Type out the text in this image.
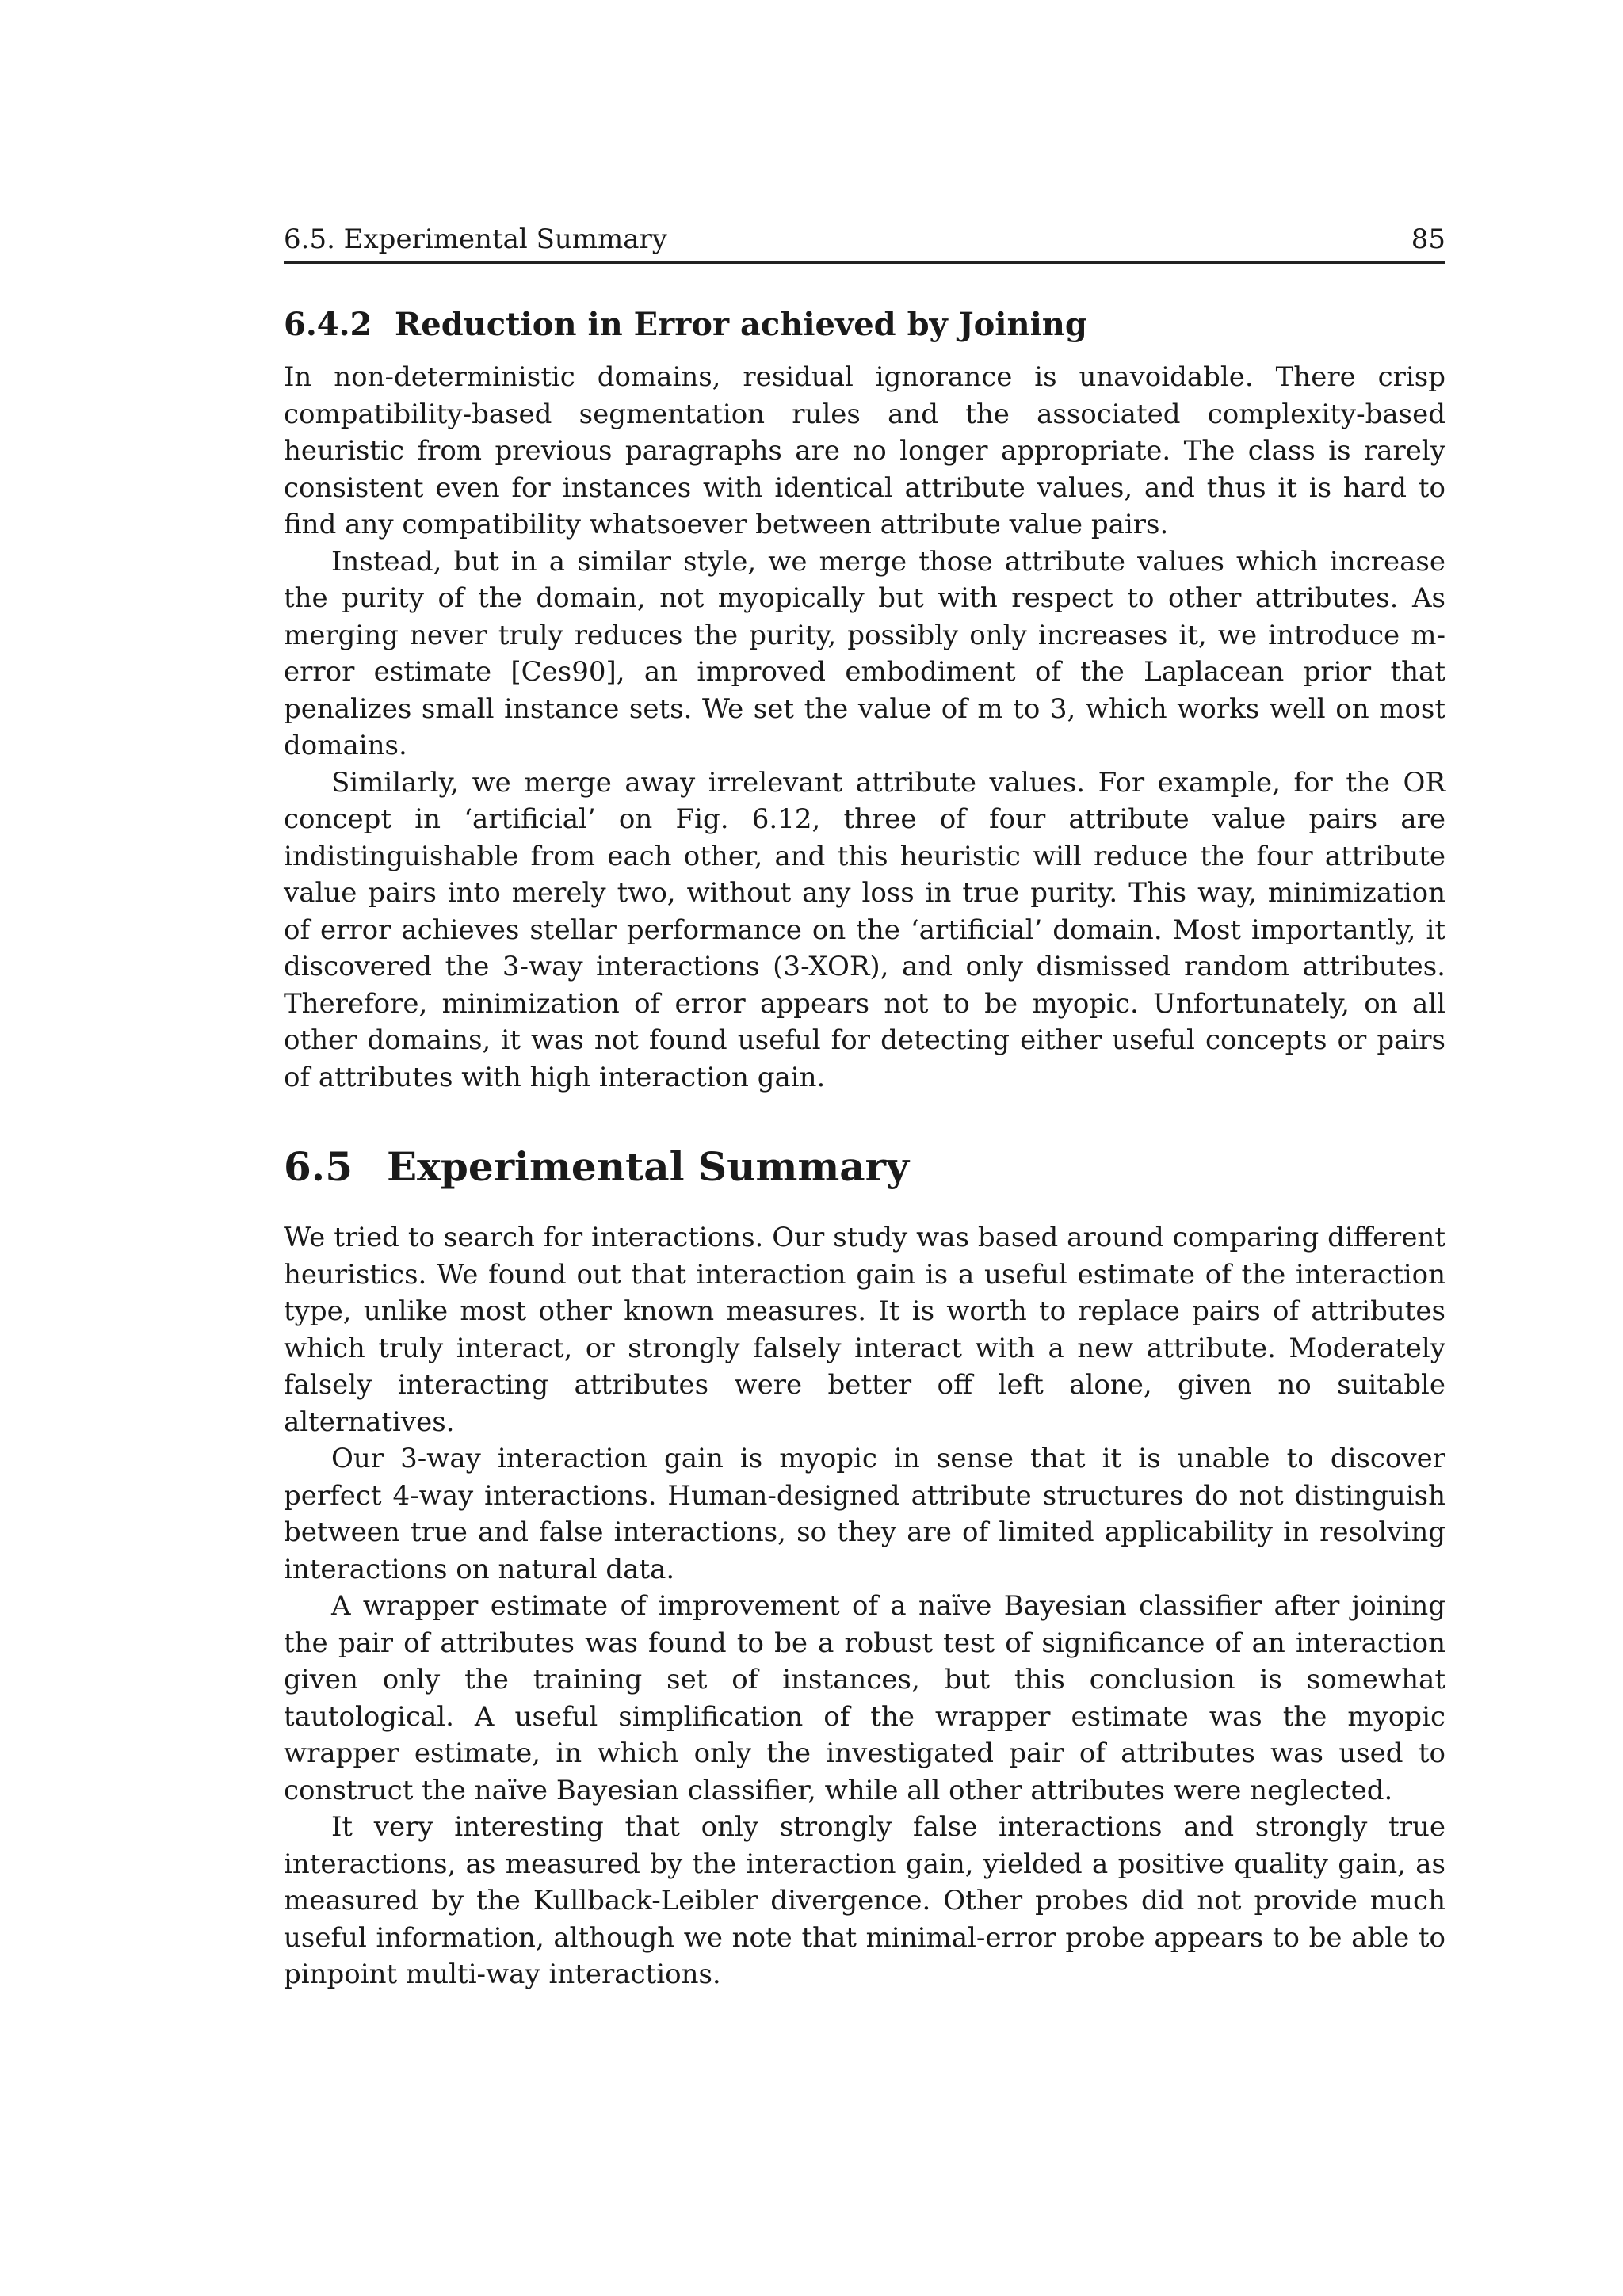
6.5. Experimental Summary	85
6.4.2 Reduction in Error achieved by Joining

In non-deterministic domains, residual ignorance is unavoidable. There crisp compatibility-based segmentation rules and the associated complexity-based heuristic from previous paragraphs are no longer appropriate. The class is rarely consistent even for instances with identical attribute values, and thus it is hard to find any compatibility whatsoever between attribute value pairs.

Instead, but in a similar style, we merge those attribute values which increase the purity of the domain, not myopically but with respect to other attributes. As merging never truly reduces the purity, possibly only increases it, we introduce m-error estimate [Ces90], an improved embodiment of the Laplacean prior that penalizes small instance sets. We set the value of m to 3, which works well on most domains.

Similarly, we merge away irrelevant attribute values. For example, for the OR concept in ‘artificial’ on Fig. 6.12, three of four attribute value pairs are indistinguishable from each other, and this heuristic will reduce the four attribute value pairs into merely two, without any loss in true purity. This way, minimization of error achieves stellar performance on the ‘artificial’ domain. Most importantly, it discovered the 3-way interactions (3-XOR), and only dismissed random attributes. Therefore, minimization of error appears not to be myopic. Unfortunately, on all other domains, it was not found useful for detecting either useful concepts or pairs of attributes with high interaction gain.

6.5 Experimental Summary

We tried to search for interactions. Our study was based around comparing different heuristics. We found out that interaction gain is a useful estimate of the interaction type, unlike most other known measures. It is worth to replace pairs of attributes which truly interact, or strongly falsely interact with a new attribute. Moderately falsely interacting attributes were better off left alone, given no suitable alternatives.

Our 3-way interaction gain is myopic in sense that it is unable to discover perfect 4-way interactions. Human-designed attribute structures do not distinguish between true and false interactions, so they are of limited applicability in resolving interactions on natural data.

A wrapper estimate of improvement of a naïve Bayesian classifier after joining the pair of attributes was found to be a robust test of significance of an interaction given only the training set of instances, but this conclusion is somewhat tautological. A useful simplification of the wrapper estimate was the myopic wrapper estimate, in which only the investigated pair of attributes was used to construct the naïve Bayesian classifier, while all other attributes were neglected.

It very interesting that only strongly false interactions and strongly true interactions, as measured by the interaction gain, yielded a positive quality gain, as measured by the Kullback-Leibler divergence. Other probes did not provide much useful information, although we note that minimal-error probe appears to be able to pinpoint multi-way interactions.
